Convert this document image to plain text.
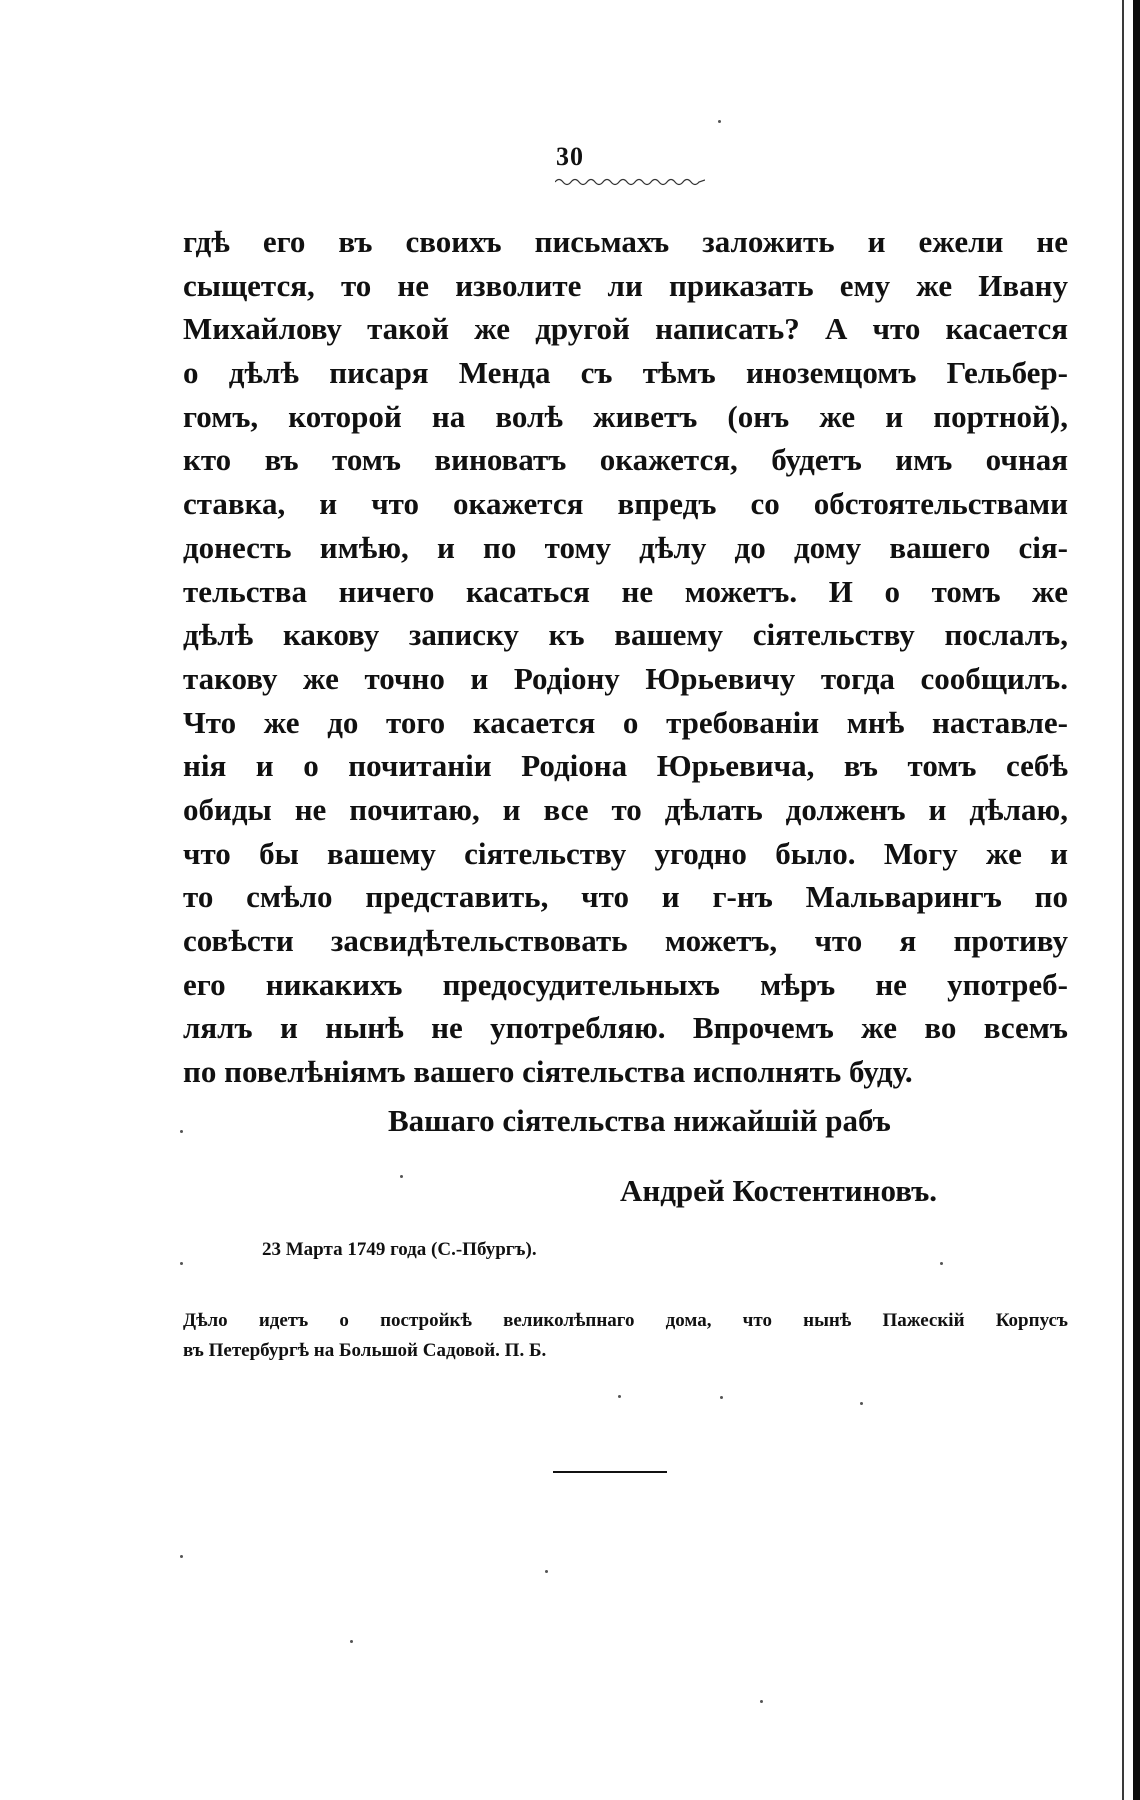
30
гдѣ его въ своихъ письмахъ заложить и ежели не
сыщется, то не изволите ли приказать ему же Ивану
Михайлову такой же другой написать? А что касается
о дѣлѣ писаря Менда съ тѣмъ иноземцомъ Гельбер-
гомъ, которой на волѣ живетъ (онъ же и портной),
кто въ томъ виноватъ окажется, будетъ имъ очная
ставка, и что окажется впредъ со обстоятельствами
донесть имѣю, и по тому дѣлу до дому вашего сія-
тельства ничего касаться не можетъ. И о томъ же
дѣлѣ какову записку къ вашему сіятельству послалъ,
такову же точно и Родіону Юрьевичу тогда сообщилъ.
Что же до того касается о требованіи мнѣ наставле-
нія и о почитаніи Родіона Юрьевича, въ томъ себѣ
обиды не почитаю, и все то дѣлать долженъ и дѣлаю,
что бы вашему сіятельству угодно было. Могу же и
то смѣло представить, что и г-нъ Мальварингъ по
совѣсти засвидѣтельствовать можетъ, что я противу
его никакихъ предосудительныхъ мѣръ не употреб-
лялъ и нынѣ не употребляю. Впрочемъ же во всемъ
по повелѣніямъ вашего сіятельства исполнять буду.
Вашаго сіятельства нижайшій рабъ
Андрей Костентиновъ.
23 Марта 1749 года (С.-Пбургъ).
Дѣло идетъ о постройкѣ великолѣпнаго дома, что нынѣ Пажескій Корпусъ
въ Петербургѣ на Большой Садовой. П. Б.
